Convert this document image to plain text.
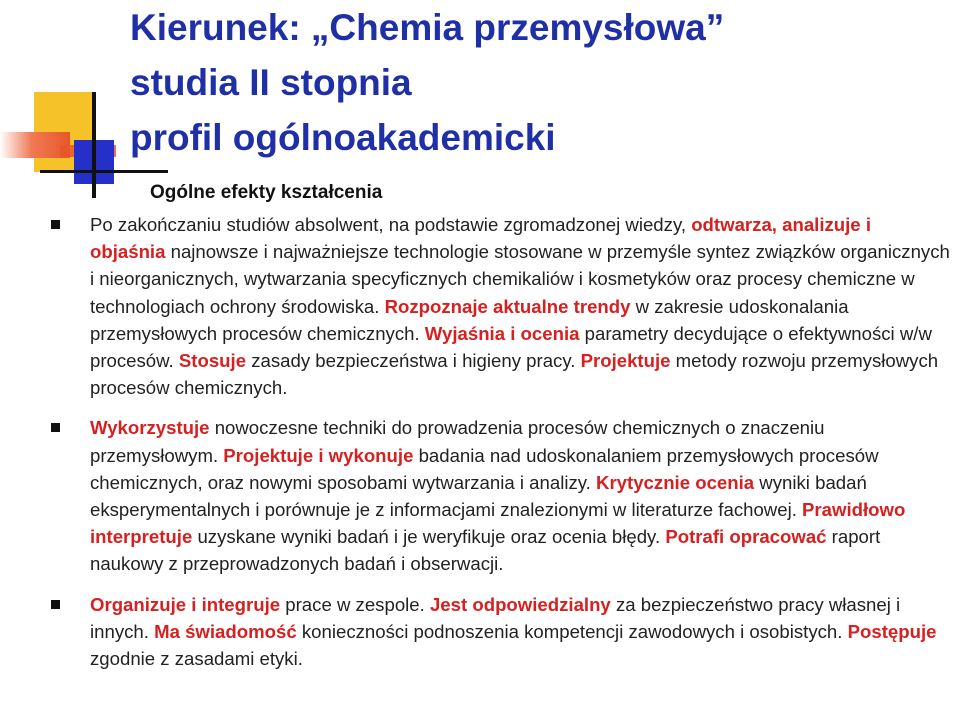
Kierunek: „Chemia przemysłowa”
studia II stopnia
profil ogólnoakademicki
Ogólne efekty kształcenia
Po zakończaniu studiów absolwent, na podstawie zgromadzonej wiedzy, odtwarza, analizuje i objaśnia najnowsze i najważniejsze technologie stosowane w przemyśle syntez związków organicznych i nieorganicznych, wytwarzania specyficznych chemikaliów i kosmetyków oraz procesy chemiczne w technologiach ochrony środowiska. Rozpoznaje aktualne trendy w zakresie udoskonalania przemysłowych procesów chemicznych. Wyjaśnia i ocenia parametry decydujące o efektywności w/w procesów. Stosuje zasady bezpieczeństwa i higieny pracy. Projektuje metody rozwoju przemysłowych procesów chemicznych.
Wykorzystuje nowoczesne techniki do prowadzenia procesów chemicznych o znaczeniu przemysłowym. Projektuje i wykonuje badania nad udoskonalaniem przemysłowych procesów chemicznych, oraz nowymi sposobami wytwarzania i analizy. Krytycznie ocenia wyniki badań eksperymentalnych i porównuje je z informacjami znalezionymi w literaturze fachowej. Prawidłowo interpretuje uzyskane wyniki badań i je weryfikuje oraz ocenia błędy. Potrafi opracować raport naukowy z przeprowadzonych badań i obserwacji.
Organizuje i integruje prace w zespole. Jest odpowiedzialny za bezpieczeństwo pracy własnej i innych. Ma świadomość konieczności podnoszenia kompetencji zawodowych i osobistych. Postępuje zgodnie z zasadami etyki.
